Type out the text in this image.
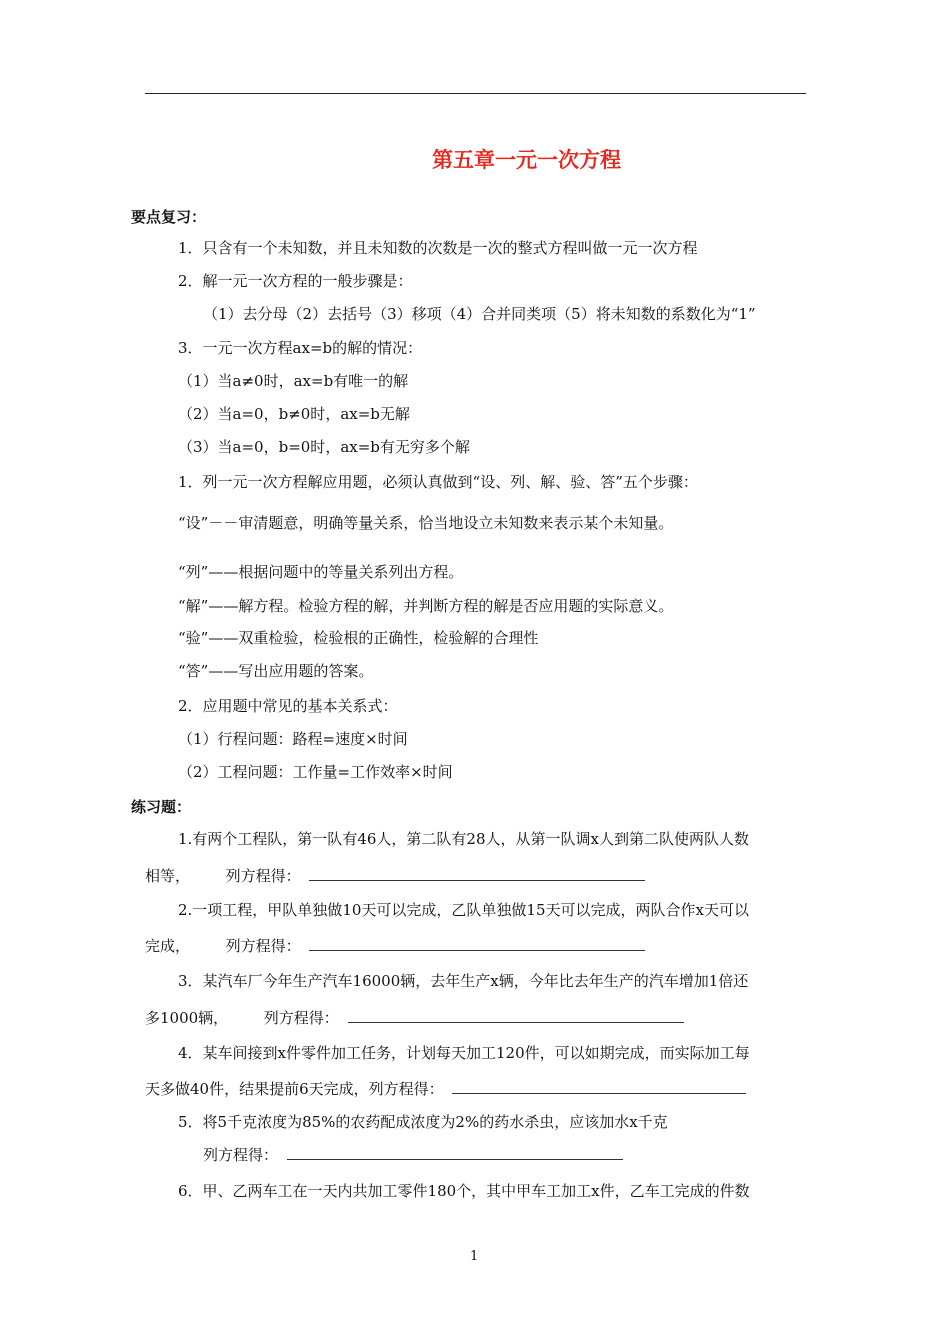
第五章一元一次方程
要点复习：
1．只含有一个未知数，并且未知数的次数是一次的整式方程叫做一元一次方程
2．解一元一次方程的一般步骤是：
（1）去分母（2）去括号（3）移项（4）合并同类项（5）将未知数的系数化为“1”
3．一元一次方程ax=b的解的情况：
（1）当a≠0时，ax=b有唯一的解
（2）当a=0，b≠0时，ax=b无解
（3）当a=0，b=0时，ax=b有无穷多个解
1．列一元一次方程解应用题，必须认真做到“设、列、解、验、答”五个步骤：
“设”－－审清题意，明确等量关系，恰当地设立未知数来表示某个未知量。
“列”——根据问题中的等量关系列出方程。
“解”——解方程。检验方程的解，并判断方程的解是否应用题的实际意义。
“验”——双重检验，检验根的正确性，检验解的合理性
“答”——写出应用题的答案。
2．应用题中常见的基本关系式：
（1）行程问题：路程=速度×时间
（2）工程问题：工作量=工作效率×时间
练习题：
1.有两个工程队，第一队有46人，第二队有28人，从第一队调x人到第二队使两队人数
相等， 列方程得：
2.一项工程，甲队单独做10天可以完成，乙队单独做15天可以完成，两队合作x天可以
完成， 列方程得：
3．某汽车厂今年生产汽车16000辆，去年生产x辆，今年比去年生产的汽车增加1倍还
多1000辆， 列方程得：
4．某车间接到x件零件加工任务，计划每天加工120件，可以如期完成，而实际加工每
天多做40件，结果提前6天完成，列方程得：
5．将5千克浓度为85%的农药配成浓度为2%的药水杀虫，应该加水x千克
列方程得：
6．甲、乙两车工在一天内共加工零件180个，其中甲车工加工x件，乙车工完成的件数
1
